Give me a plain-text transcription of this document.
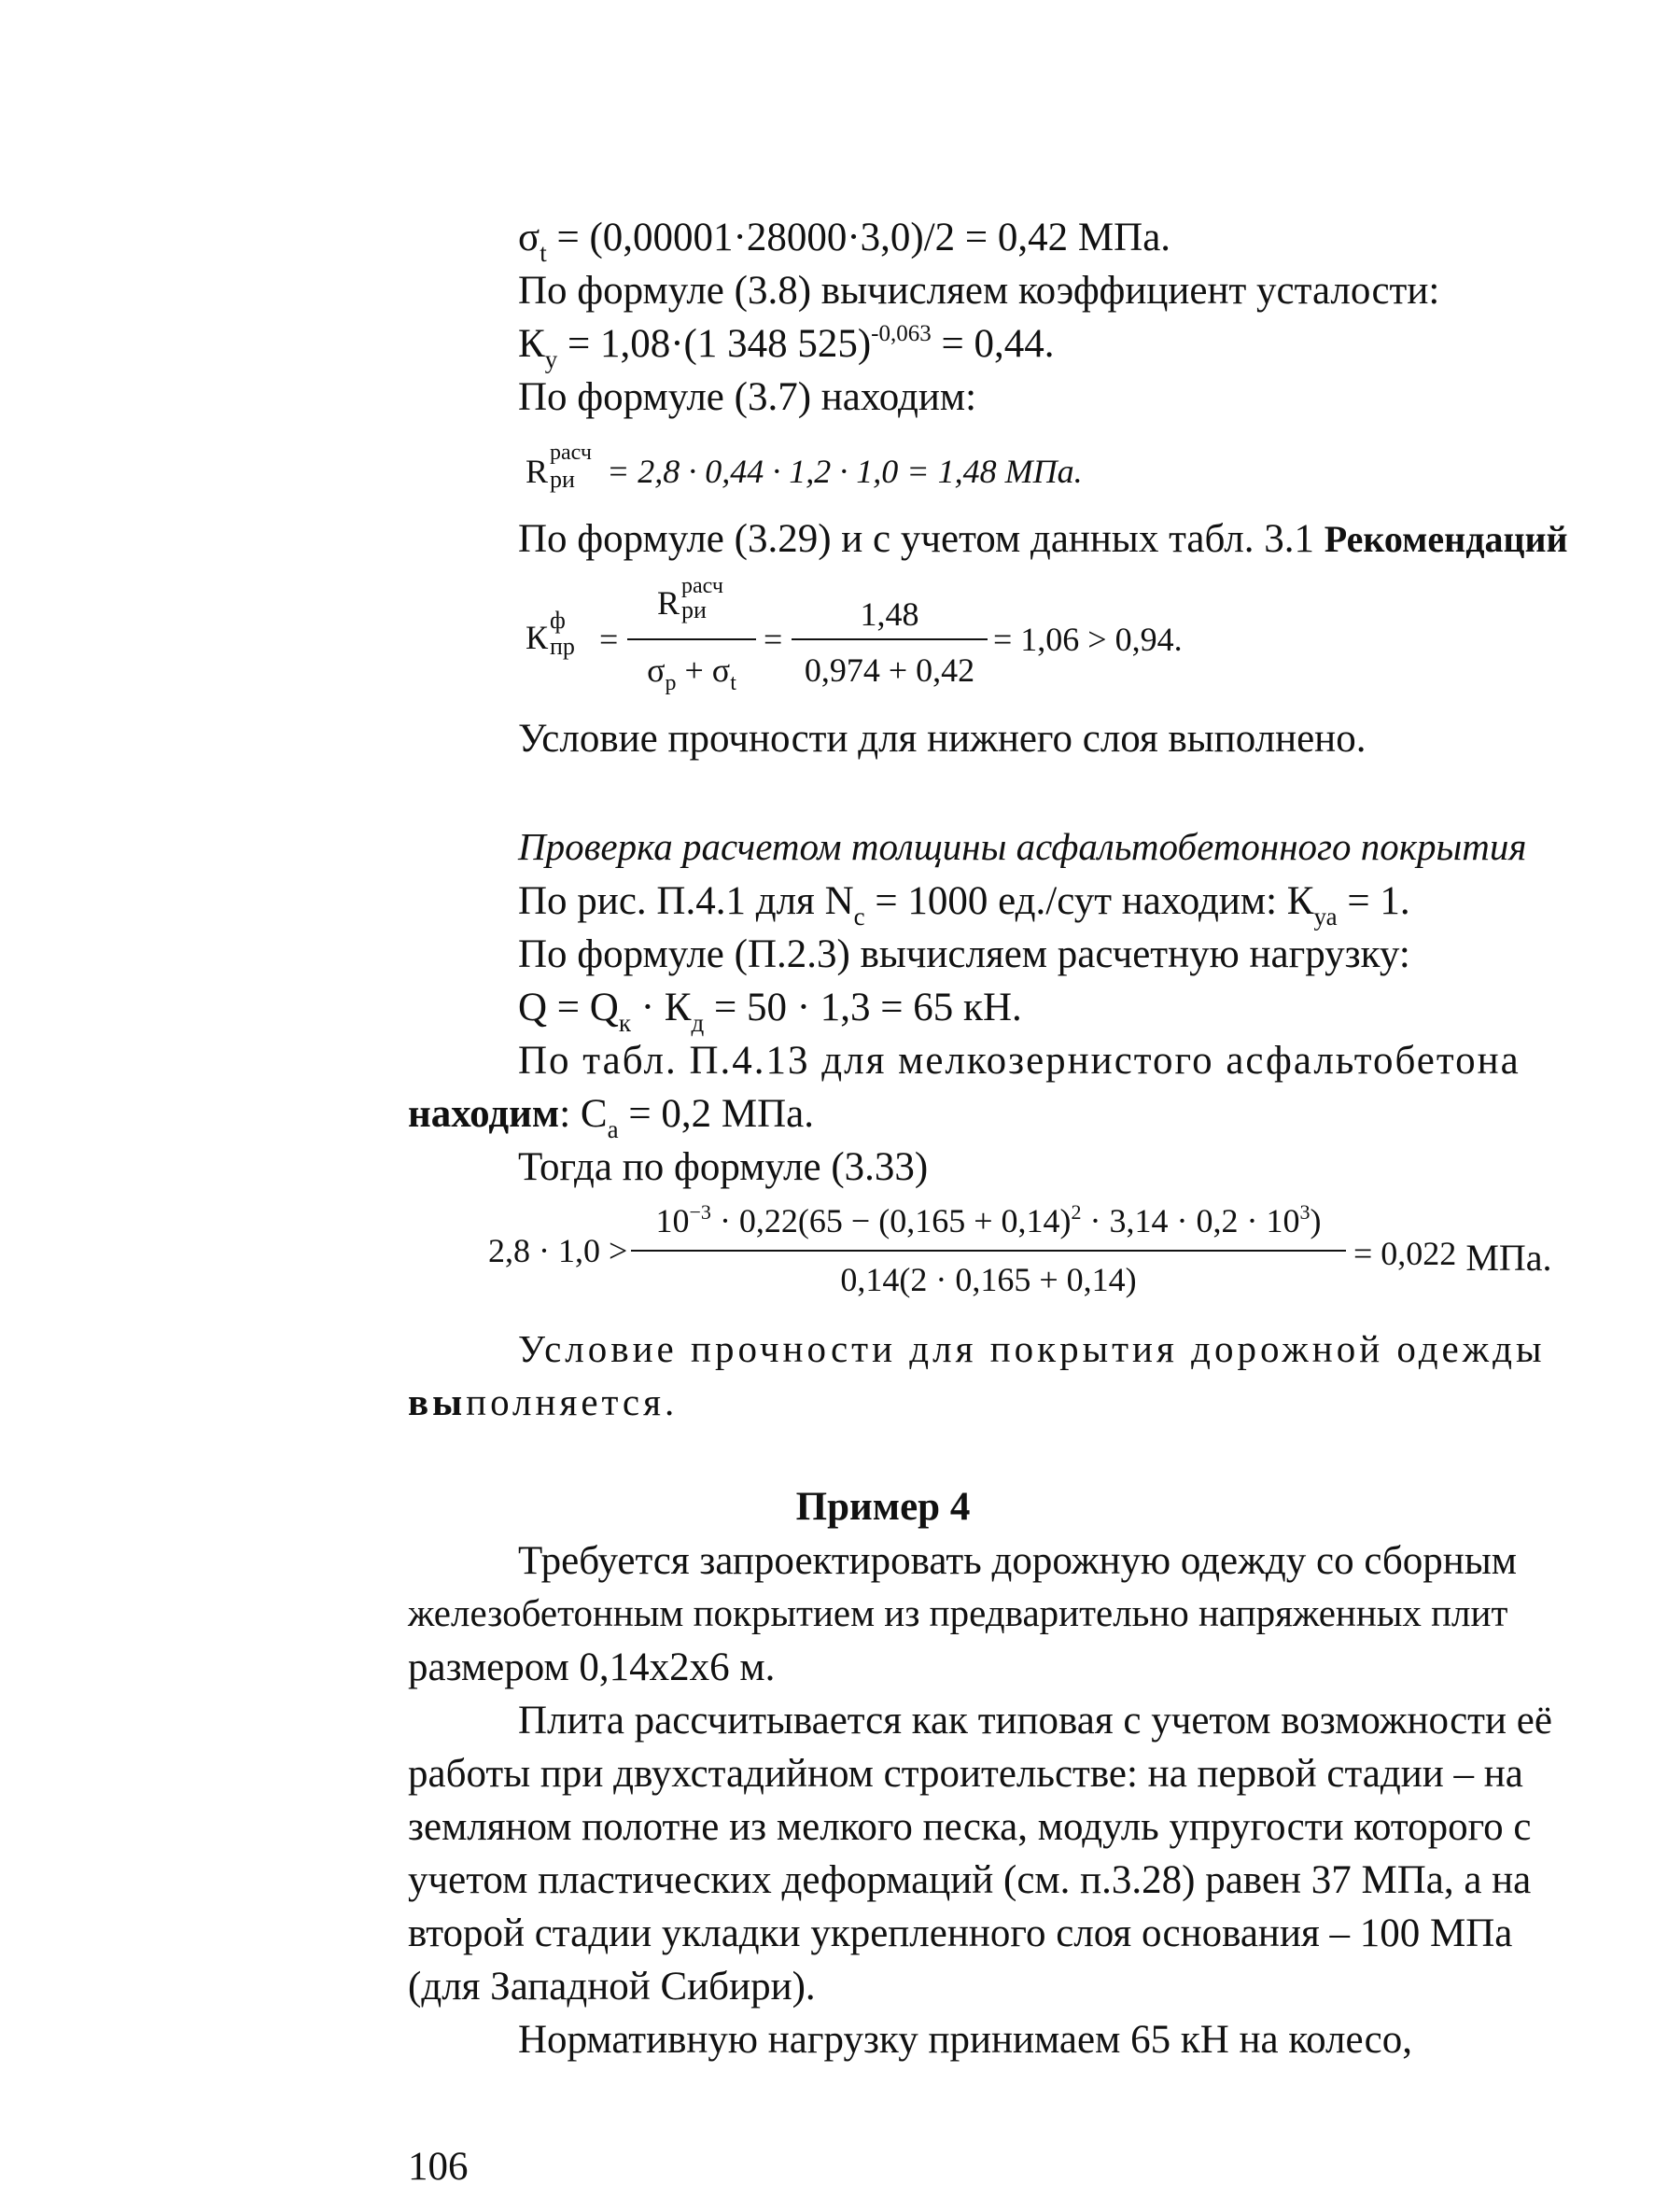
$\sigma_t = (0,00001\cdot 28000\cdot 3,0)/2 = 0,42$ МПа.
По формуле (3.8) вычисляем коэффициент усталости:
$К_у = 1,08\cdot(1$ 348 525)$^{-0,063}$ = 0,44.
По формуле (3.7) находим:
R расч
ри = 2,8 · 0,44 · 1,2 · 1,0 = 1,48 МПа.
По формуле (3.29) и с учетом данных табл. 3.1 Рекомендаций
К ф
пр =
R расч
ри
$\sigma_р + \sigma_t$
=
1,48
0,974 + 0,42
= 1,06 > 0,94.
Условие прочности для нижнего слоя выполнено.
Проверка расчетом толщины асфальтобетонного покрытия
По рис. П.4.1 для $N_с = 1000$ ед./сут находим: $К_{уа} = 1$.
По формуле (П.2.3) вычисляем расчетную нагрузку:
$Q = Q_к \cdot К_д = 50 \cdot 1,3 = 65$ кН.
По табл. П.4.13 для мелкозернистого асфальтобетона
находим: $С_а = 0,2$ МПа.
Тогда по формуле (3.33)
2,8 · 1,0 >
$10^{-3} \cdot 0,22(65 - (0,165 + 0,14)^2 \cdot 3,14 \cdot 0,2 \cdot 10^3)$
0,14(2 · 0,165 + 0,14)
= 0,022 МПа.
Условие прочности для покрытия дорожной одежды
выполняется.
Пример 4
Требуется запроектировать дорожную одежду со сборным
железобетонным покрытием из предварительно напряженных плит
размером 0,14х2х6 м.
Плита рассчитывается как типовая с учетом возможности её
работы при двухстадийном строительстве: на первой стадии – на
земляном полотне из мелкого песка, модуль упругости которого с
учетом пластических деформаций (см. п.3.28) равен 37 МПа, а на
второй стадии укладки укрепленного слоя основания – 100 МПа
(для Западной Сибири).
Нормативную нагрузку принимаем 65 кН на колесо,
106
